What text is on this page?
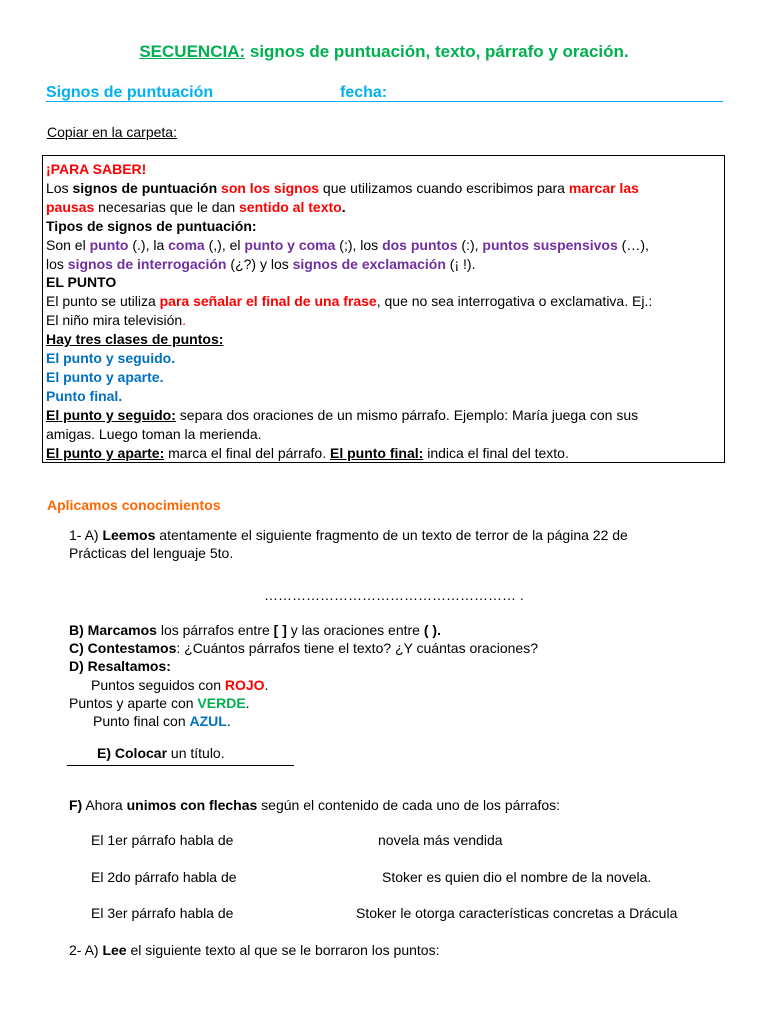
SECUENCIA: signos de puntuación, texto, párrafo y oración.
Signos de puntuación	fecha:
Copiar en la carpeta:

¡PARA SABER!

Los signos de puntuación son los signos que utilizamos cuando escribimos para marcar las

pausas necesarias que le dan sentido al texto.

Tipos de signos de puntuación:

Son el punto (.), la coma (,), el punto y coma (;), los dos puntos (:), puntos suspensivos (…),

los signos de interrogación (¿?) y los signos de exclamación (¡ !).

EL PUNTO

El punto se utiliza para señalar el final de una frase, que no sea interrogativa o exclamativa. Ej.:

El niño mira televisión.

Hay tres clases de puntos:

El punto y seguido.

El punto y aparte.

Punto final.

El punto y seguido: separa dos oraciones de un mismo párrafo. Ejemplo: María juega con sus

amigas. Luego toman la merienda.

El punto y aparte: marca el final del párrafo. El punto final: indica el final del texto.

Aplicamos conocimientos
1- A) Leemos atentamente el siguiente fragmento de un texto de terror de la página 22 de
Prácticas del lenguaje 5to.
……………………………………………… .
B) Marcamos los párrafos entre [ ] y las oraciones entre ( ).
C) Contestamos: ¿Cuántos párrafos tiene el texto? ¿Y cuántas oraciones?
D) Resaltamos:
Puntos seguidos con ROJO.
Puntos y aparte con VERDE.
Punto final con AZUL.
E) Colocar un título.
F) Ahora unimos con flechas según el contenido de cada uno de los párrafos:
El 1er párrafo habla de	novela más vendida
El 2do párrafo habla de	Stoker es quien dio el nombre de la novela.
El 3er párrafo habla de	Stoker le otorga características concretas a Drácula
2- A) Lee el siguiente texto al que se le borraron los puntos:
